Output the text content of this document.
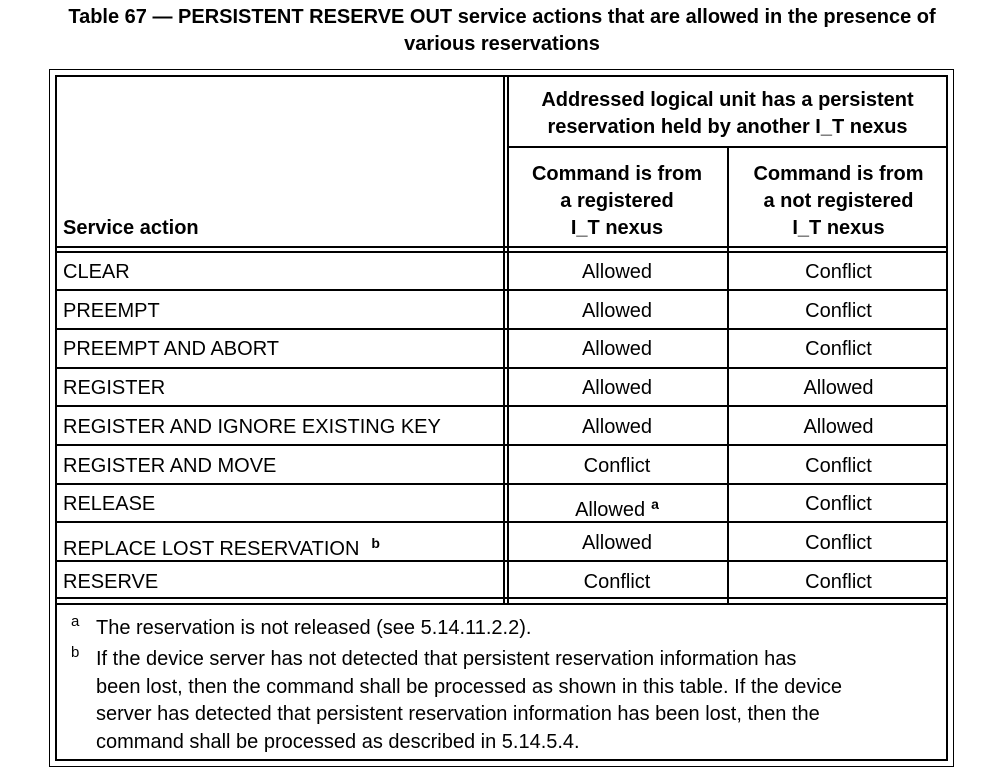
Table 67 — PERSISTENT RESERVE OUT service actions that are allowed in the presence of
various reservations
Service action
Addressed logical unit has a persistent
reservation held by another I_T nexus
Command is from
a registered
I_T nexus
Command is from
a not registered
I_T nexus
CLEAR	Allowed	Conflict
PREEMPT	Allowed	Conflict
PREEMPT AND ABORT	Allowed	Conflict
REGISTER	Allowed	Allowed
REGISTER AND IGNORE EXISTING KEY	Allowed	Allowed
REGISTER AND MOVE	Conflict	Conflict
RELEASE	Allowed $^a$	Conflict
REPLACE LOST RESERVATION $^b$	Allowed	Conflict
RESERVE	Conflict	Conflict
a The reservation is not released (see 5.14.11.2.2).
b If the device server has not detected that persistent reservation information has
been lost, then the command shall be processed as shown in this table. If the device
server has detected that persistent reservation information has been lost, then the
command shall be processed as described in 5.14.5.4.
